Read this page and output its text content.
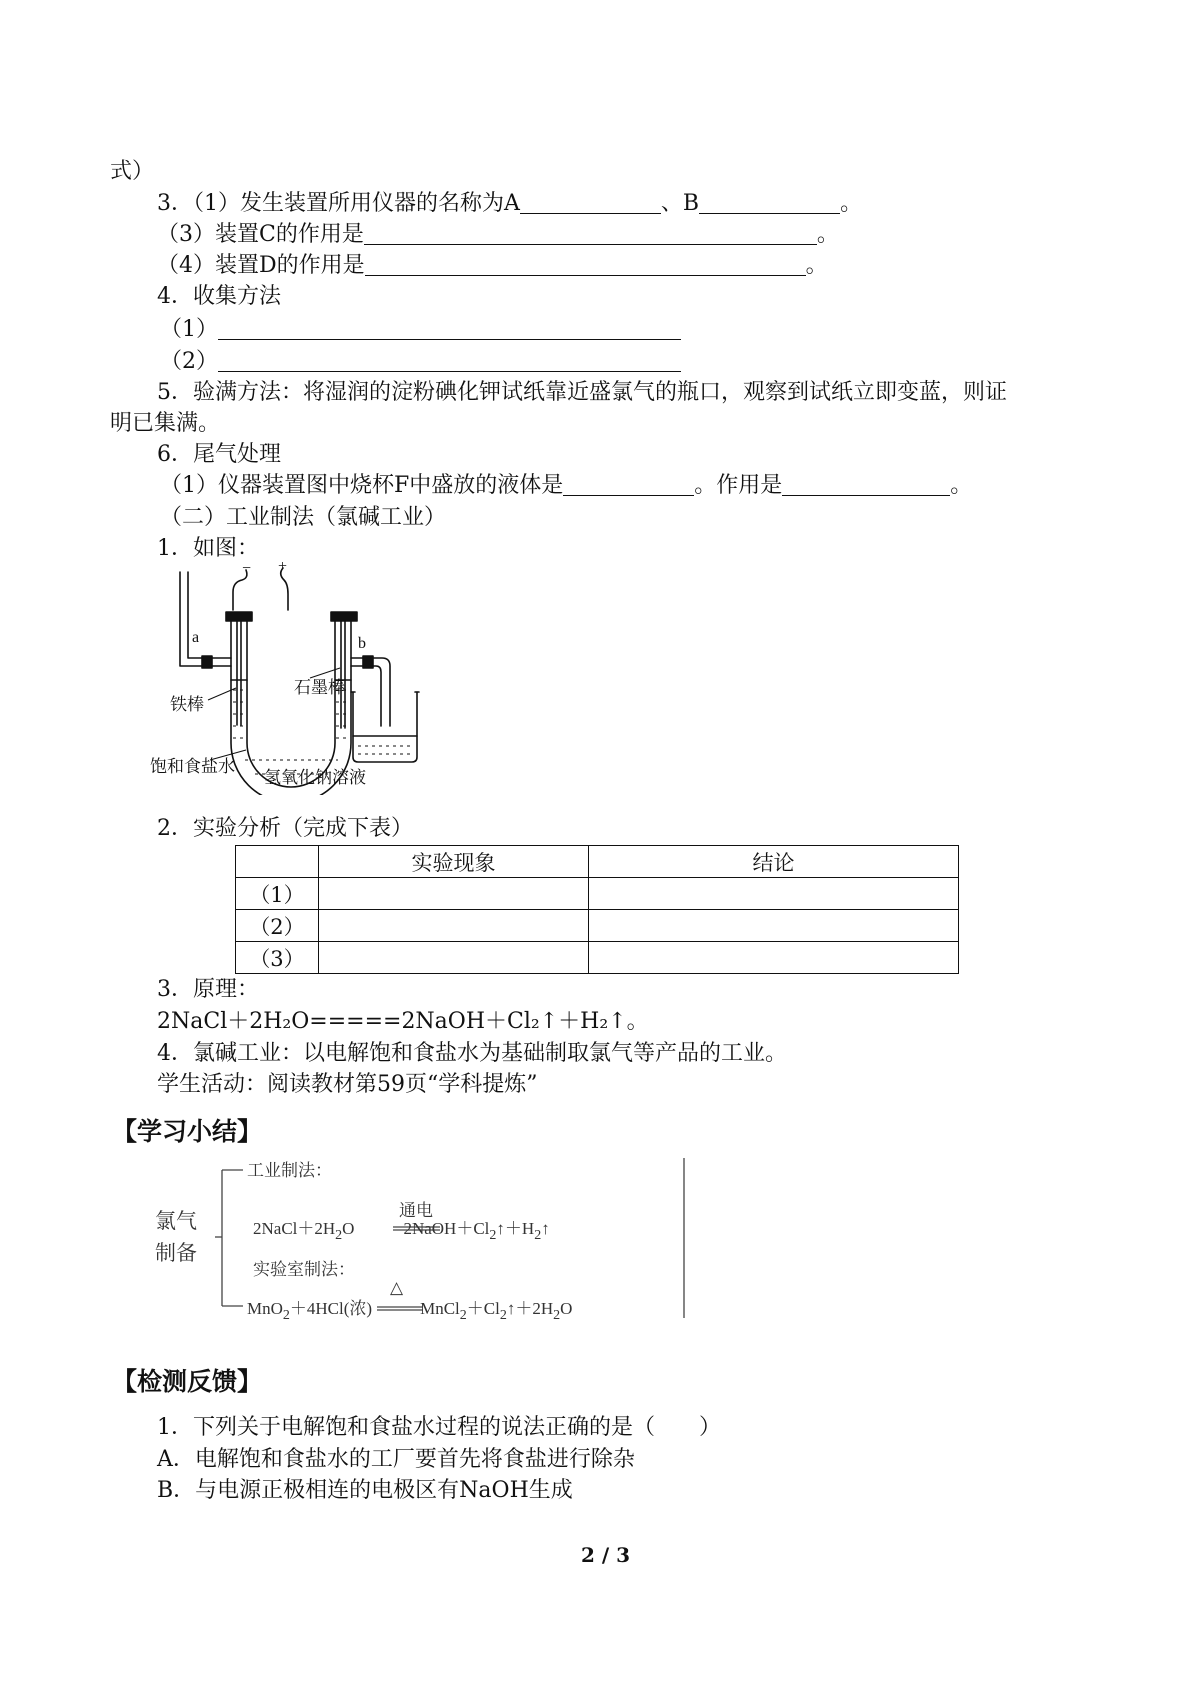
式）
3．（1）发生装置所用仪器的名称为A	、B	。
（3）装置C的作用是	。
（4）装置D的作用是	。
4．收集方法
（1）
（2）
5．验满方法：将湿润的淀粉碘化钾试纸靠近盛氯气的瓶口，观察到试纸立即变蓝，则证
明已集满。
6．尾气处理
（1）仪器装置图中烧杯F中盛放的液体是	。作用是	。
（二）工业制法（氯碱工业）
1．如图：
− +
a	b
石墨棒
铁棒
饱和食盐水
氢氧化钠溶液
2．实验分析（完成下表）
	实验现象	结论
（1）		
（2）		
（3）		
3．原理：
2NaCl＋2H₂O=====2NaOH＋Cl₂↑＋H₂↑。
4．氯碱工业：以电解饱和食盐水为基础制取氯气等产品的工业。
学生活动：阅读教材第59页“学科提炼”
【学习小结】
氯气
制备
工业制法：
通电
$2NaCl+2H_2O$	$2NaOH+Cl_2↑+H_2↑$
实验室制法：
△
MnO$_2$＋4HCl(浓)	$MnCl_2+Cl_2↑+2H_2O$
【检测反馈】
1．下列关于电解饱和食盐水过程的说法正确的是（　　）
A．电解饱和食盐水的工厂要首先将食盐进行除杂
B．与电源正极相连的电极区有NaOH生成
2 / 3
